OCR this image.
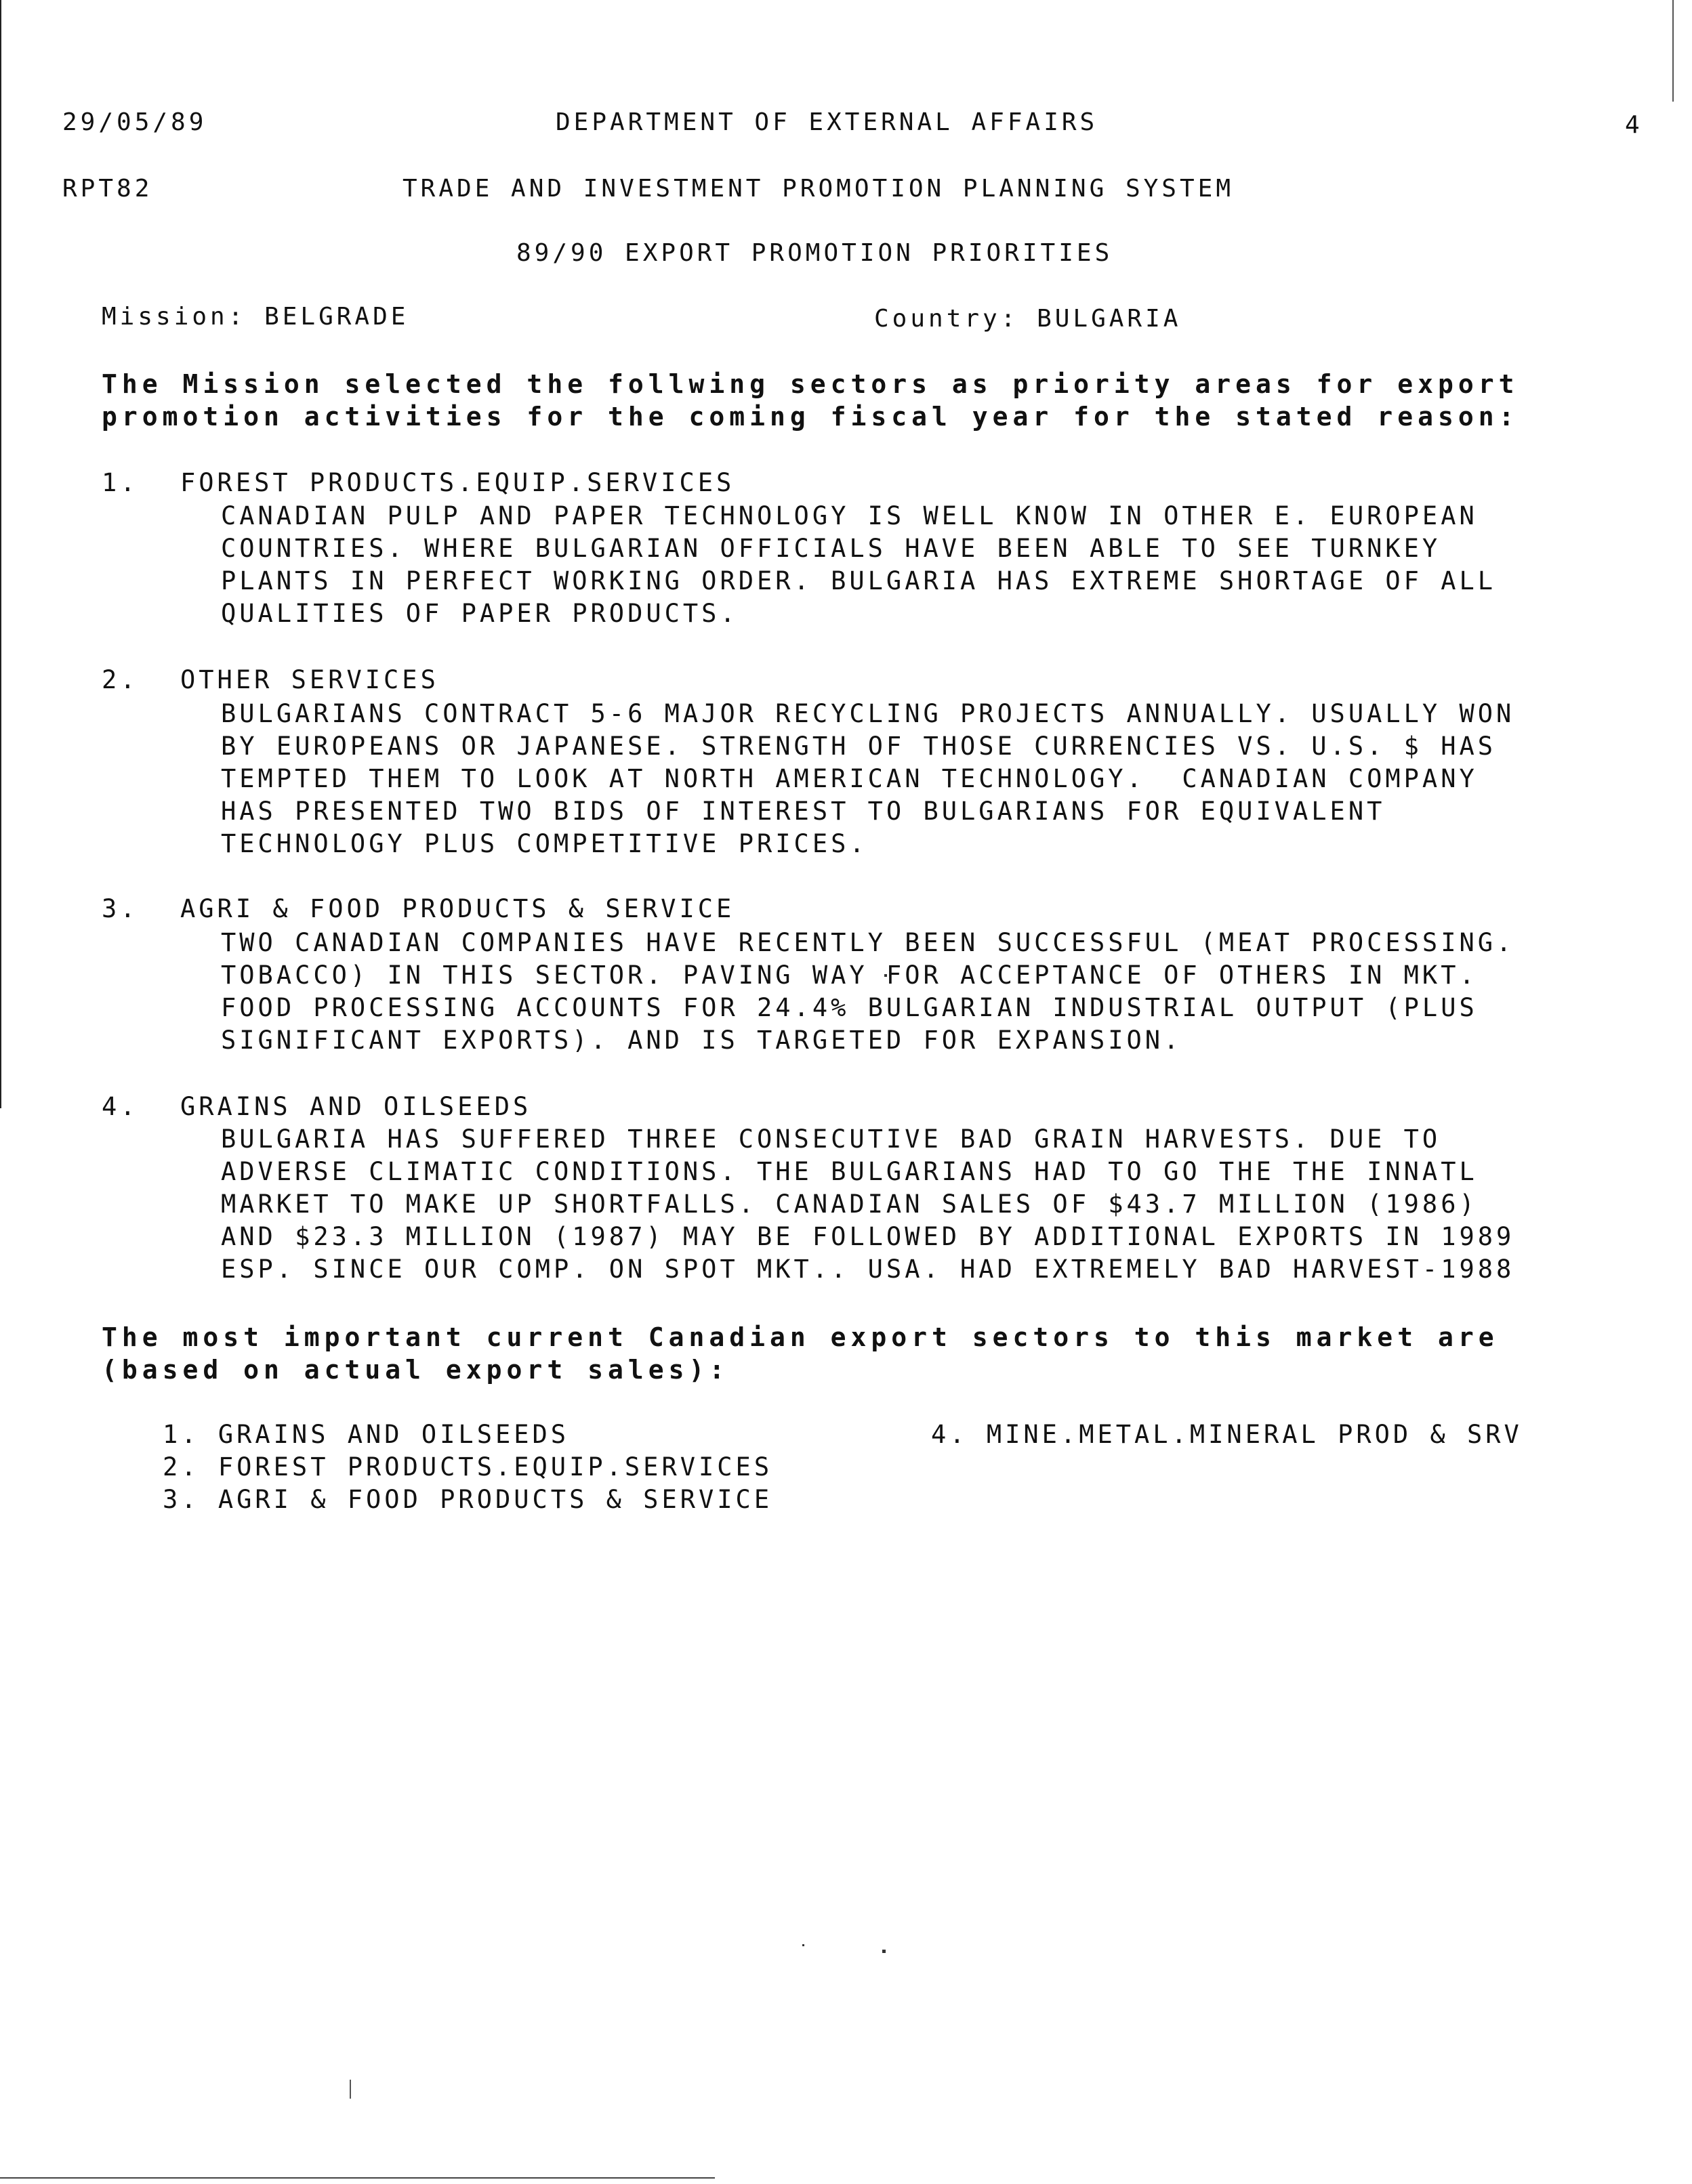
29/05/89	DEPARTMENT OF EXTERNAL AFFAIRS	4
RPT82	TRADE AND INVESTMENT PROMOTION PLANNING SYSTEM
89/90 EXPORT PROMOTION PRIORITIES
Mission: BELGRADE	Country: BULGARIA
The Mission selected the follwing sectors as priority areas for export
promotion activities for the coming fiscal year for the stated reason:
1. FOREST PRODUCTS.EQUIP.SERVICES
CANADIAN PULP AND PAPER TECHNOLOGY IS WELL KNOW IN OTHER E. EUROPEAN
COUNTRIES. WHERE BULGARIAN OFFICIALS HAVE BEEN ABLE TO SEE TURNKEY
PLANTS IN PERFECT WORKING ORDER. BULGARIA HAS EXTREME SHORTAGE OF ALL
QUALITIES OF PAPER PRODUCTS.
2. OTHER SERVICES
BULGARIANS CONTRACT 5-6 MAJOR RECYCLING PROJECTS ANNUALLY. USUALLY WON
BY EUROPEANS OR JAPANESE. STRENGTH OF THOSE CURRENCIES VS. U.S. $ HAS
TEMPTED THEM TO LOOK AT NORTH AMERICAN TECHNOLOGY.  CANADIAN COMPANY
HAS PRESENTED TWO BIDS OF INTEREST TO BULGARIANS FOR EQUIVALENT
TECHNOLOGY PLUS COMPETITIVE PRICES.
3. AGRI & FOOD PRODUCTS & SERVICE
TWO CANADIAN COMPANIES HAVE RECENTLY BEEN SUCCESSFUL (MEAT PROCESSING.
TOBACCO) IN THIS SECTOR. PAVING WAY FOR ACCEPTANCE OF OTHERS IN MKT.
FOOD PROCESSING ACCOUNTS FOR 24.4% BULGARIAN INDUSTRIAL OUTPUT (PLUS
SIGNIFICANT EXPORTS). AND IS TARGETED FOR EXPANSION.
4. GRAINS AND OILSEEDS
BULGARIA HAS SUFFERED THREE CONSECUTIVE BAD GRAIN HARVESTS. DUE TO
ADVERSE CLIMATIC CONDITIONS. THE BULGARIANS HAD TO GO THE THE INNATL
MARKET TO MAKE UP SHORTFALLS. CANADIAN SALES OF $43.7 MILLION (1986)
AND $23.3 MILLION (1987) MAY BE FOLLOWED BY ADDITIONAL EXPORTS IN 1989
ESP. SINCE OUR COMP. ON SPOT MKT.. USA. HAD EXTREMELY BAD HARVEST-1988
The most important current Canadian export sectors to this market are
(based on actual export sales):
1. GRAINS AND OILSEEDS
2. FOREST PRODUCTS.EQUIP.SERVICES
3. AGRI & FOOD PRODUCTS & SERVICE
4. MINE.METAL.MINERAL PROD & SRV
